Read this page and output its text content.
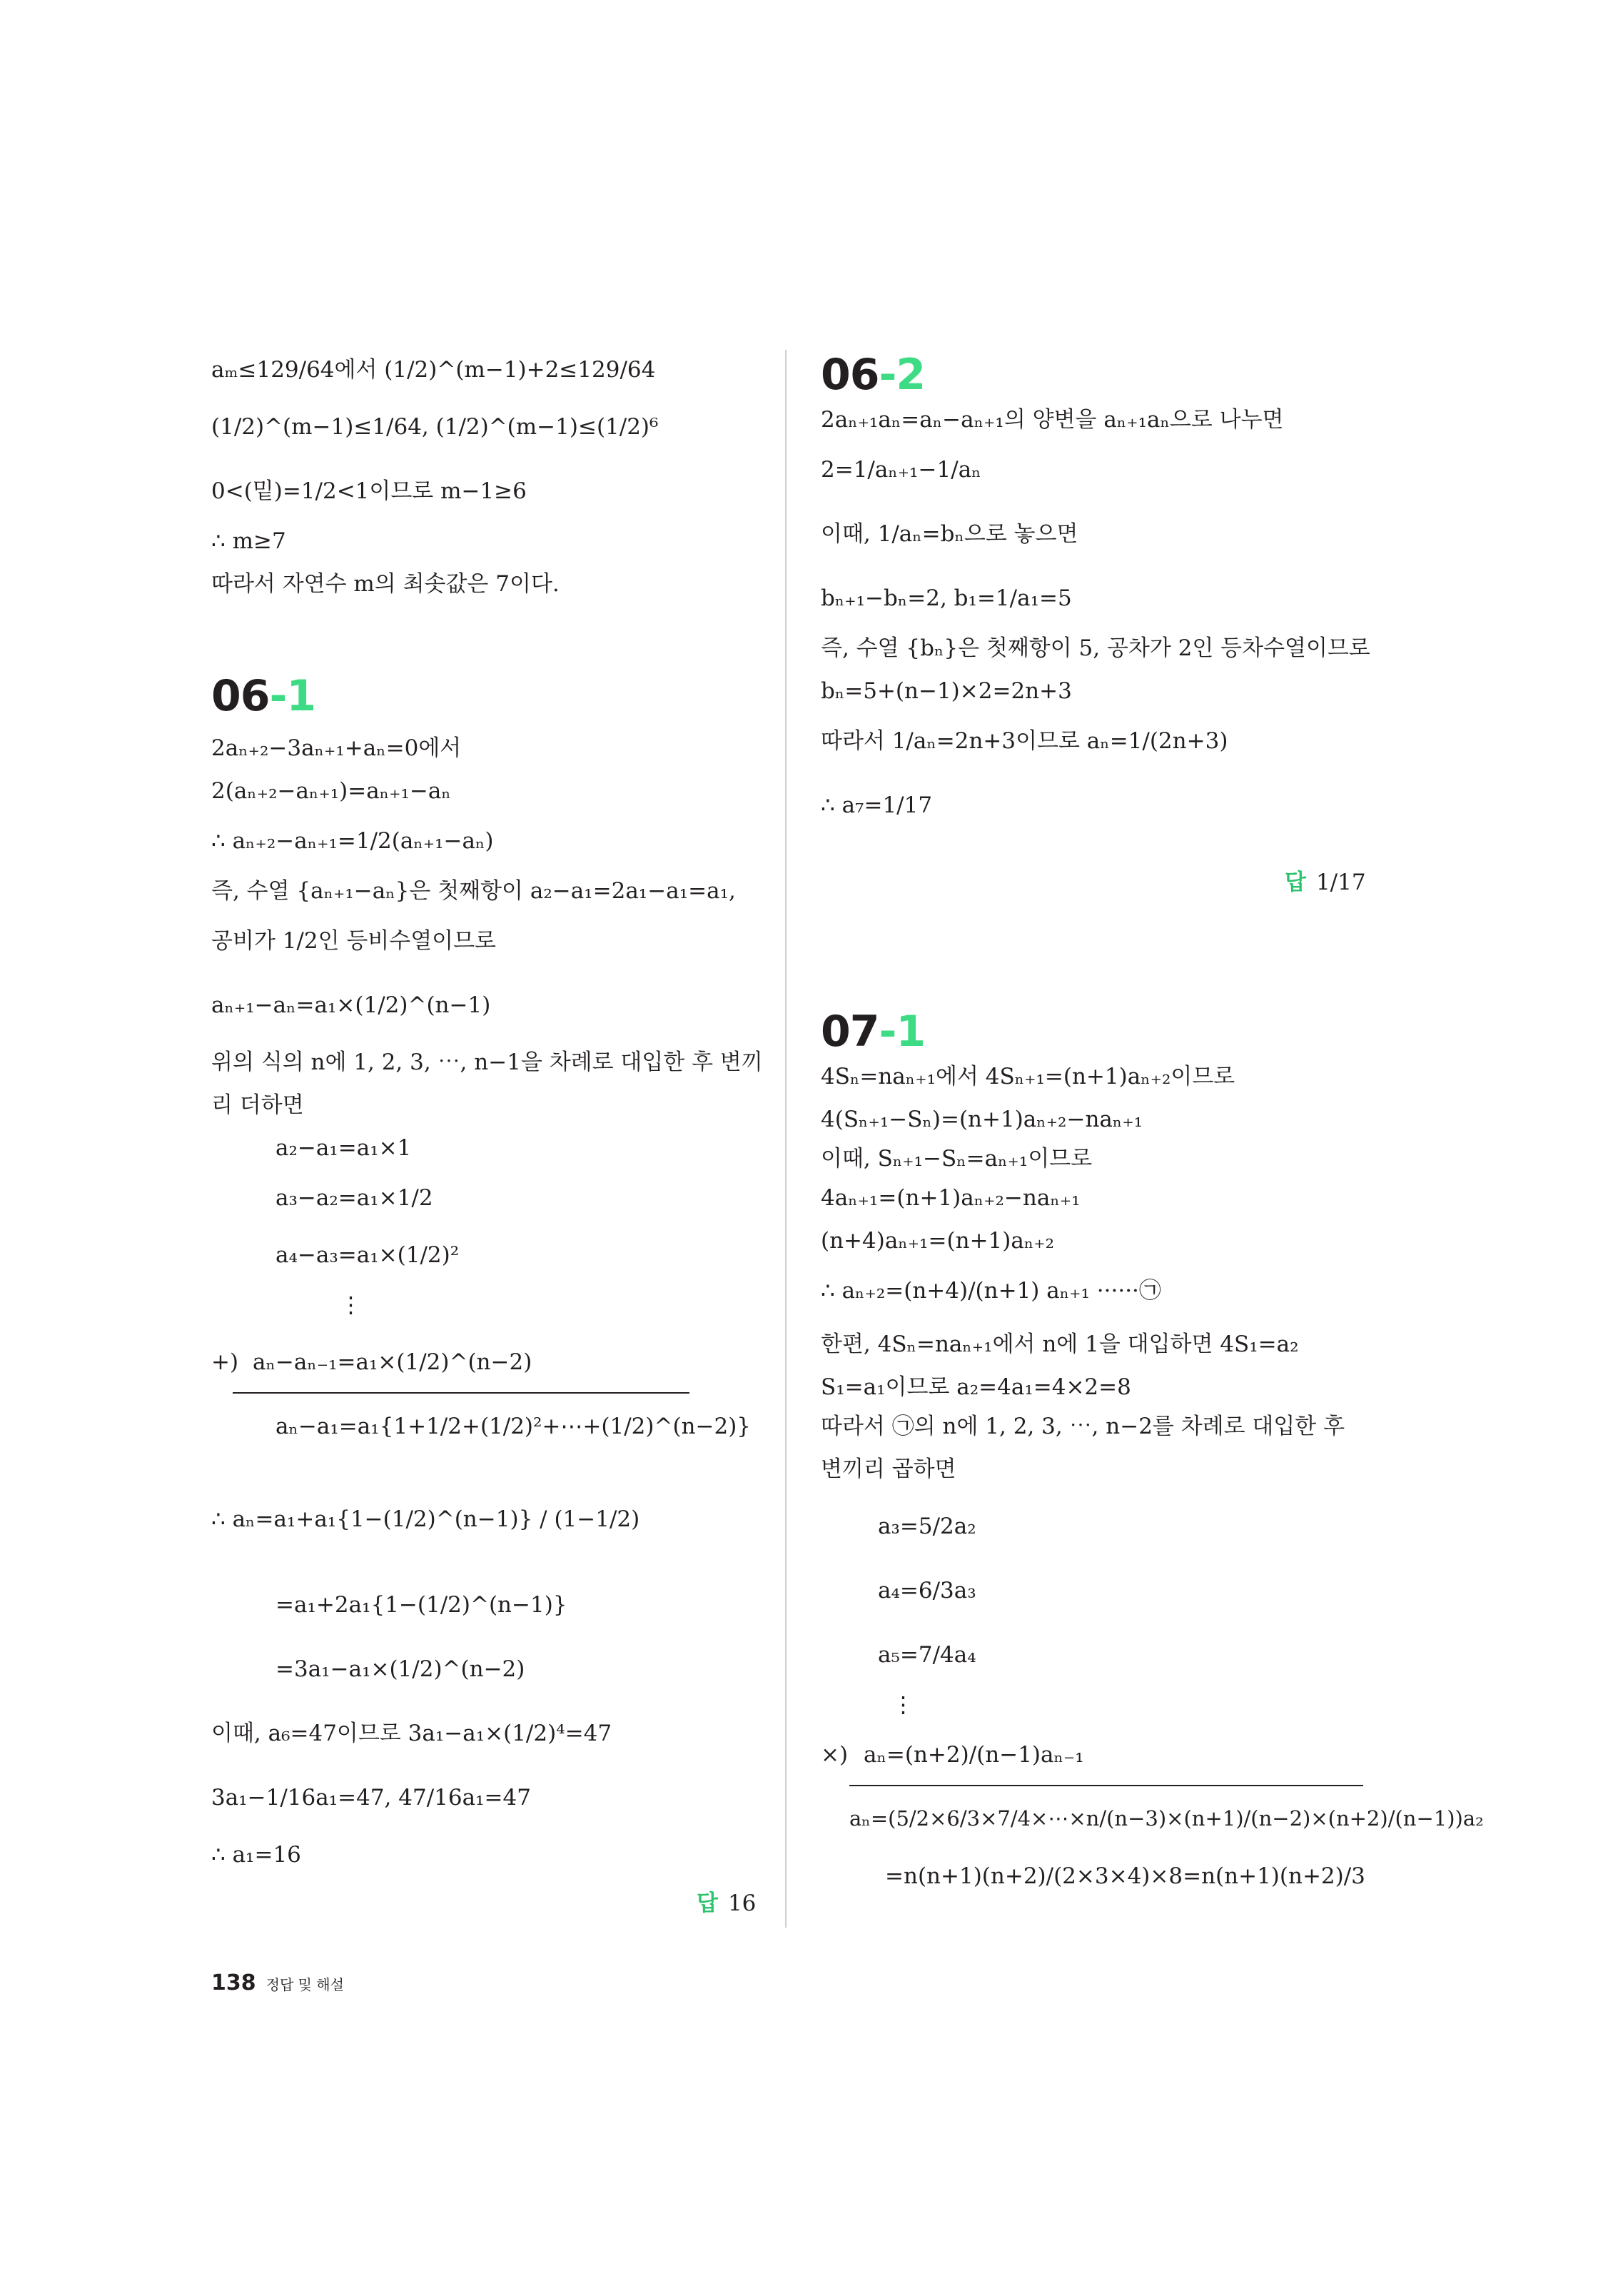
aₘ≤129/64에서 (1/2)^(m−1)+2≤129/64
(1/2)^(m−1)≤1/64, (1/2)^(m−1)≤(1/2)⁶
0<(밑)=1/2<1이므로 m−1≥6
∴ m≥7
따라서 자연수 m의 최솟값은 7이다.
06-1
2aₙ₊₂−3aₙ₊₁+aₙ=0에서
2(aₙ₊₂−aₙ₊₁)=aₙ₊₁−aₙ
∴ aₙ₊₂−aₙ₊₁=1/2(aₙ₊₁−aₙ)
즉, 수열 {aₙ₊₁−aₙ}은 첫째항이 a₂−a₁=2a₁−a₁=a₁,
공비가 1/2인 등비수열이므로
aₙ₊₁−aₙ=a₁×(1/2)^(n−1)
위의 식의 n에 1, 2, 3, ⋯, n−1을 차례로 대입한 후 변끼
리 더하면
a₂−a₁=a₁×1
a₃−a₂=a₁×1/2
a₄−a₃=a₁×(1/2)²
⋮
+) aₙ−aₙ₋₁=a₁×(1/2)^(n−2)
aₙ−a₁=a₁{1+1/2+(1/2)²+⋯+(1/2)^(n−2)}
∴ aₙ=a₁+a₁{1−(1/2)^(n−1)} / (1−1/2)
=a₁+2a₁{1−(1/2)^(n−1)}
=3a₁−a₁×(1/2)^(n−2)
이때, a₆=47이므로 3a₁−a₁×(1/2)⁴=47
3a₁−1/16a₁=47, 47/16a₁=47
∴ a₁=16
답 16
06-2
2aₙ₊₁aₙ=aₙ−aₙ₊₁의 양변을 aₙ₊₁aₙ으로 나누면
2=1/aₙ₊₁−1/aₙ
이때, 1/aₙ=bₙ으로 놓으면
bₙ₊₁−bₙ=2, b₁=1/a₁=5
즉, 수열 {bₙ}은 첫째항이 5, 공차가 2인 등차수열이므로
bₙ=5+(n−1)×2=2n+3
따라서 1/aₙ=2n+3이므로 aₙ=1/(2n+3)
∴ a₇=1/17
답 1/17
07-1
4Sₙ=naₙ₊₁에서 4Sₙ₊₁=(n+1)aₙ₊₂이므로
4(Sₙ₊₁−Sₙ)=(n+1)aₙ₊₂−naₙ₊₁
이때, Sₙ₊₁−Sₙ=aₙ₊₁이므로
4aₙ₊₁=(n+1)aₙ₊₂−naₙ₊₁
(n+4)aₙ₊₁=(n+1)aₙ₊₂
∴ aₙ₊₂=(n+4)/(n+1) aₙ₊₁ ······㉠
한편, 4Sₙ=naₙ₊₁에서 n에 1을 대입하면 4S₁=a₂
S₁=a₁이므로 a₂=4a₁=4×2=8
따라서 ㉠의 n에 1, 2, 3, ⋯, n−2를 차례로 대입한 후
변끼리 곱하면
a₃=5/2a₂
a₄=6/3a₃
a₅=7/4a₄
⋮
×) aₙ=(n+2)/(n−1)aₙ₋₁
aₙ=(5/2×6/3×7/4×⋯×n/(n−3)×(n+1)/(n−2)×(n+2)/(n−1))a₂
=n(n+1)(n+2)/(2×3×4)×8=n(n+1)(n+2)/3
138 정답 및 해설
